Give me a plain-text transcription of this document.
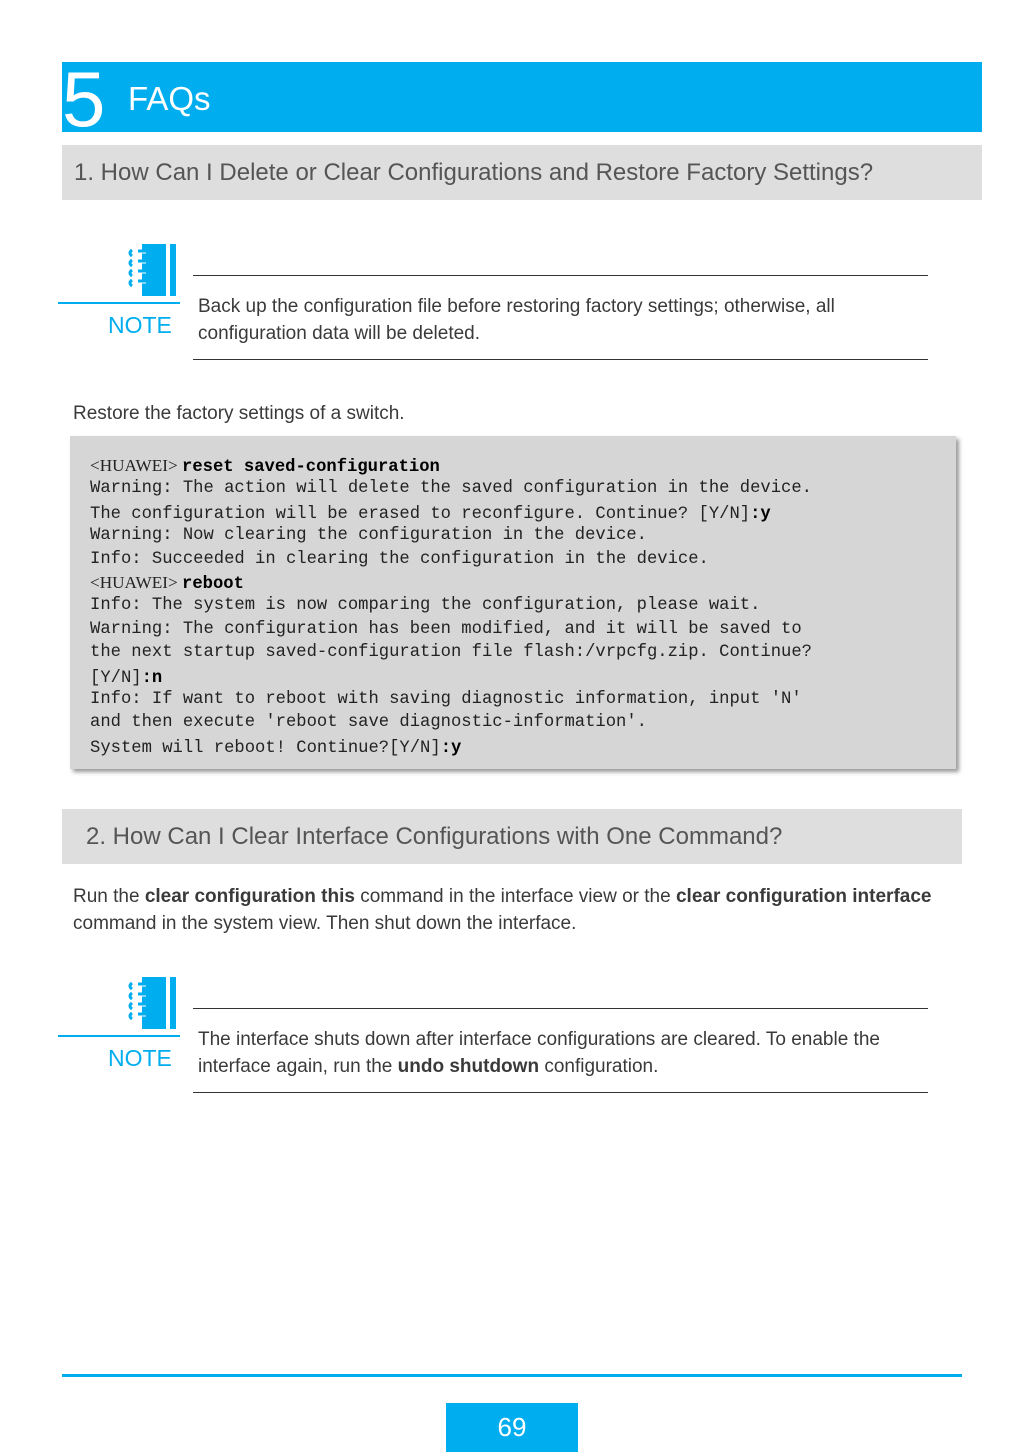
5 FAQs
1. How Can I Delete or Clear Configurations and Restore Factory Settings?
NOTE
Back up the configuration file before restoring factory settings; otherwise, all configuration data will be deleted.
Restore the factory settings of a switch.
<HUAWEI> reset saved-configuration
Warning: The action will delete the saved configuration in the device.
The configuration will be erased to reconfigure. Continue? [Y/N]:y
Warning: Now clearing the configuration in the device.
Info: Succeeded in clearing the configuration in the device.
<HUAWEI> reboot
Info: The system is now comparing the configuration, please wait.
Warning: The configuration has been modified, and it will be saved to
the next startup saved-configuration file flash:/vrpcfg.zip. Continue?
[Y/N]:n
Info: If want to reboot with saving diagnostic information, input 'N'
and then execute 'reboot save diagnostic-information'.
System will reboot! Continue?[Y/N]:y
2. How Can I Clear Interface Configurations with One Command?
Run the clear configuration this command in the interface view or the clear configuration interface command in the system view. Then shut down the interface.
NOTE
The interface shuts down after interface configurations are cleared. To enable the interface again, run the undo shutdown configuration.
69
